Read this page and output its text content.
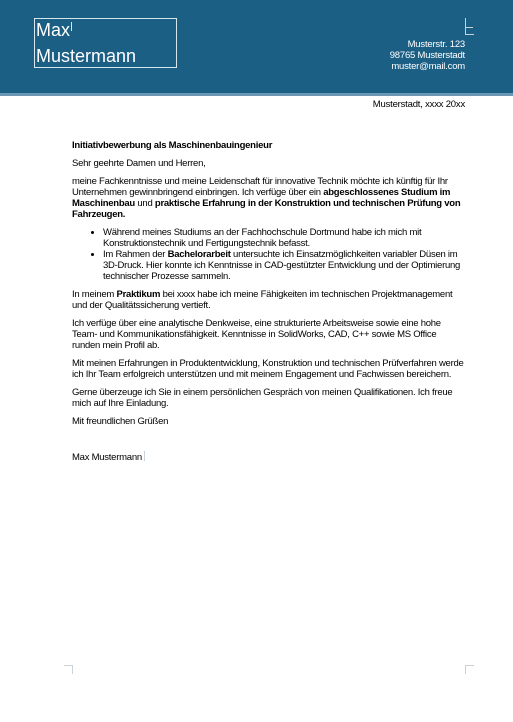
Max
Mustermann
Musterstr. 123
98765 Musterstadt
muster@mail.com
Musterstadt, xxxx 20xx

Initiativbewerbung als Maschinenbauingenieur

Sehr geehrte Damen und Herren,

meine Fachkenntnisse und meine Leidenschaft für innovative Technik möchte ich künftig für Ihr Unternehmen gewinnbringend einbringen. Ich verfüge über ein abgeschlossenes Studium im Maschinenbau und praktische Erfahrung in der Konstruktion und technischen Prüfung von Fahrzeugen.

• Während meines Studiums an der Fachhochschule Dortmund habe ich mich mit Konstruktionstechnik und Fertigungstechnik befasst.
• Im Rahmen der Bachelorarbeit untersuchte ich Einsatzmöglichkeiten variabler Düsen im 3D-Druck. Hier konnte ich Kenntnisse in CAD-gestützter Entwicklung und der Optimierung technischer Prozesse sammeln.

In meinem Praktikum bei xxxx habe ich meine Fähigkeiten im technischen Projektmanagement und der Qualitätssicherung vertieft.

Ich verfüge über eine analytische Denkweise, eine strukturierte Arbeitsweise sowie eine hohe Team- und Kommunikationsfähigkeit. Kenntnisse in SolidWorks, CAD, C++ sowie MS Office runden mein Profil ab.

Mit meinen Erfahrungen in Produktentwicklung, Konstruktion und technischen Prüfverfahren werde ich Ihr Team erfolgreich unterstützen und mit meinem Engagement und Fachwissen bereichern.

Gerne überzeuge ich Sie in einem persönlichen Gespräch von meinen Qualifikationen. Ich freue mich auf Ihre Einladung.

Mit freundlichen Grüßen

Max Mustermann
